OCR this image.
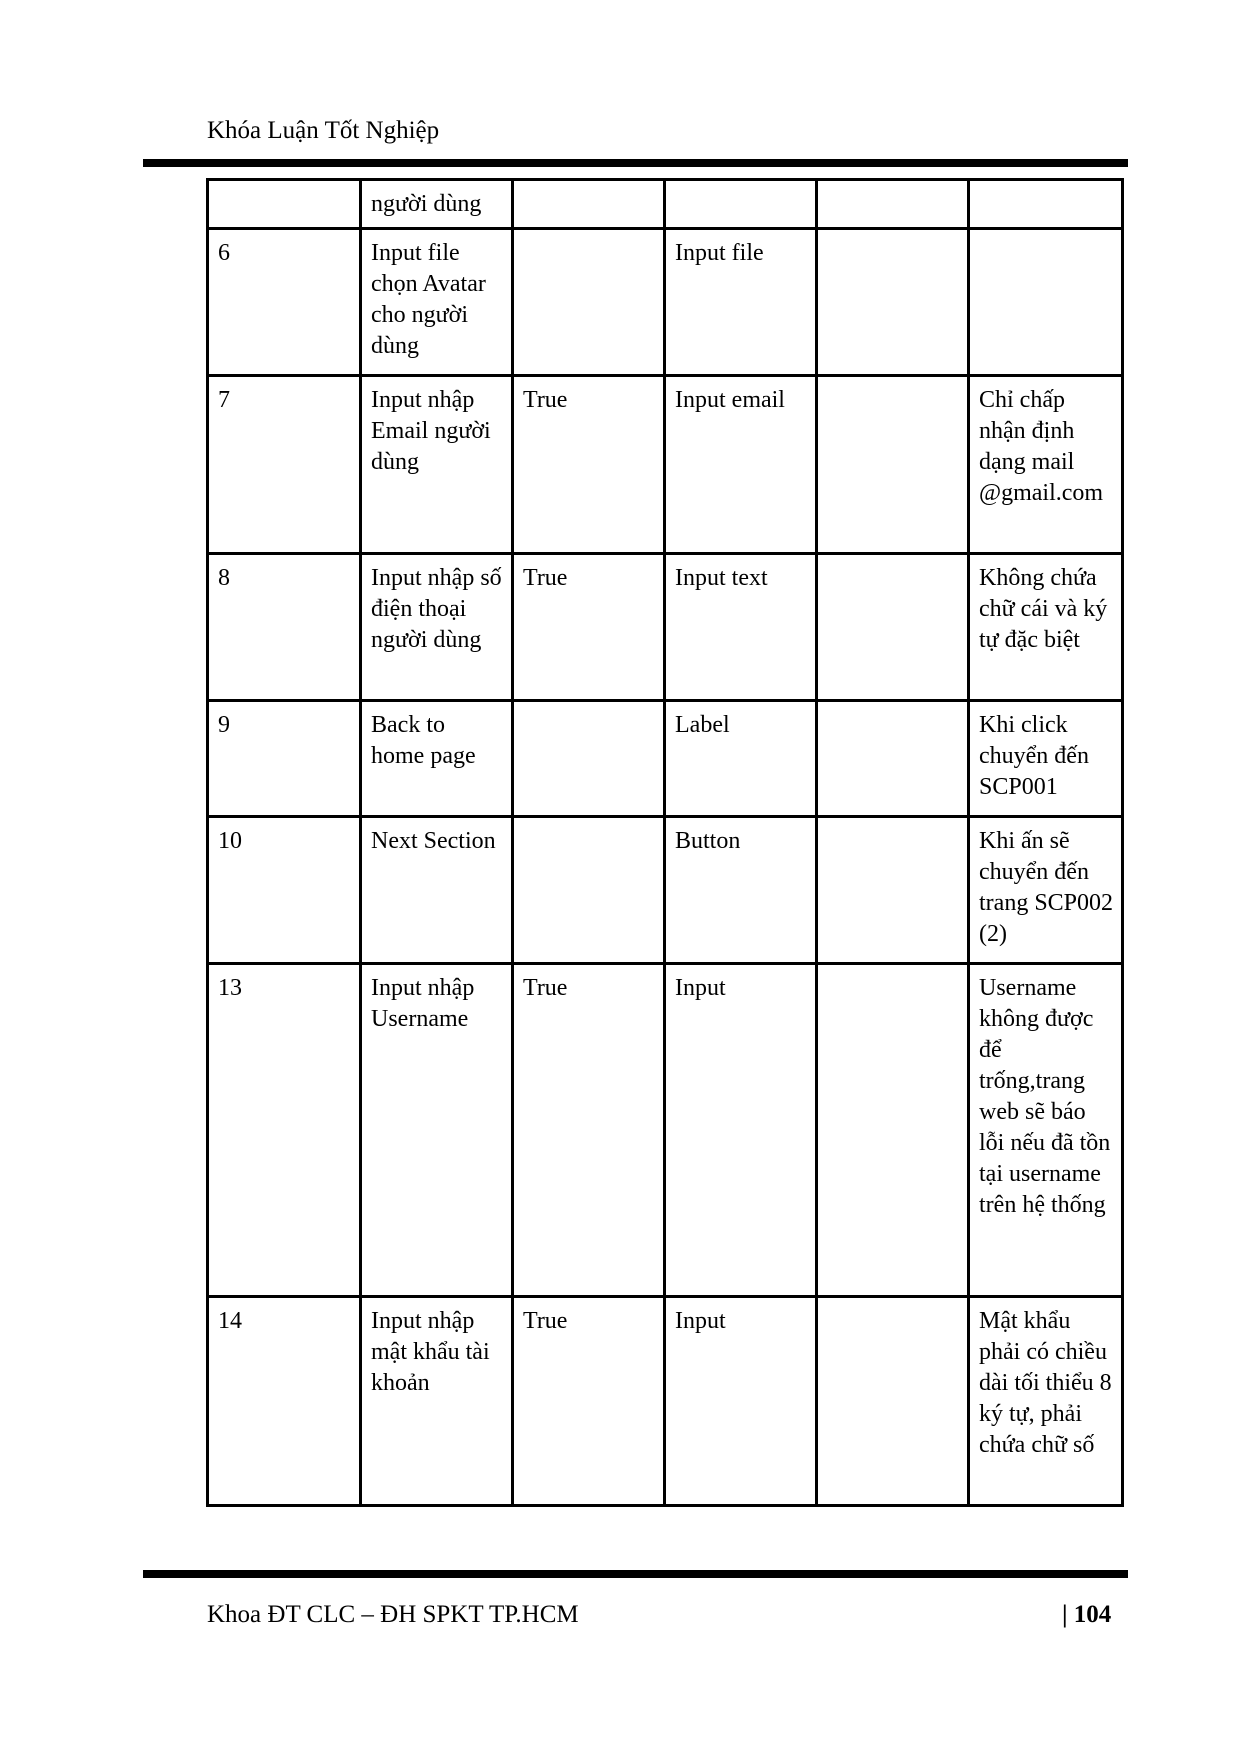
Khóa Luận Tốt Nghiệp
	người dùng				
6	Input file chọn Avatar cho người dùng		Input file		
7	Input nhập Email người dùng	True	Input email		Chỉ chấp nhận định dạng mail @gmail.com
8	Input nhập số điện thoại người dùng	True	Input text		Không chứa chữ cái và ký tự đặc biệt
9	Back to home page		Label		Khi click chuyển đến SCP001
10	Next Section		Button		Khi ấn sẽ chuyển đến trang SCP002 (2)
13	Input nhập Username	True	Input		Username không được để trống,trang web sẽ báo lỗi nếu đã tồn tại username trên hệ thống
14	Input nhập mật khẩu tài khoản	True	Input		Mật khẩu phải có chiều dài tối thiểu 8 ký tự, phải chứa chữ số
Khoa ĐT CLC – ĐH SPKT TP.HCM	| 104
